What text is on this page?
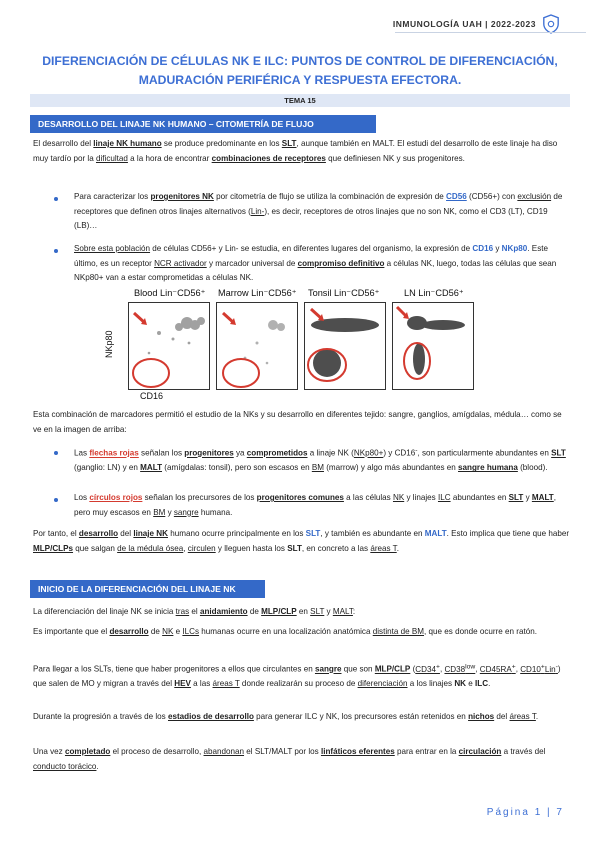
INMUNOLOGÍA UAH | 2022-2023
DIFERENCIACIÓN DE CÉLULAS NK E ILC: PUNTOS DE CONTROL DE DIFERENCIACIÓN,
MADURACIÓN PERIFÉRICA Y RESPUESTA EFECTORA.
TEMA 15
DESARROLLO DEL LINAJE NK HUMANO – CITOMETRÍA DE FLUJO
El desarrollo del linaje NK humano se produce predominante en los SLT, aunque también en MALT. El estudi del desarrollo de este linaje ha diso muy tardío por la dificultad a la hora de encontrar combinaciones de receptores que definiesen NK y sus progenitores.
Para caracterizar los progenitores NK por citometría de flujo se utiliza la combinación de expresión de CD56 (CD56+) con exclusión de receptores que definen otros linajes alternativos (Lin-), es decir, receptores de otros linajes que no son NK, como el CD3 (LT), CD19 (LB)…
Sobre esta población de células CD56+ y Lin- se estudia, en diferentes lugares del organismo, la expresión de CD16 y NKp80. Este último, es un receptor NCR activador y marcador universal de compromiso definitivo a células NK, luego, todas las células que sean NKp80+ van a estar comprometidas a células NK.
NKp80
CD16
Blood Lin⁻CD56⁺ Marrow Lin⁻CD56⁺ Tonsil Lin⁻CD56⁺	LN Lin⁻CD56⁺
Esta combinación de marcadores permitió el estudio de la NKs y su desarrollo en diferentes tejido: sangre, ganglios, amígdalas, médula… como se ve en la imagen de arriba:
Las flechas rojas señalan los progenitores ya comprometidos a linaje NK (NKp80+) y CD16-, son particularmente abundantes en SLT (ganglio: LN) y en MALT (amígdalas: tonsil), pero son escasos en BM (marrow) y algo más abundantes en sangre humana (blood).
Los círculos rojos señalan los precursores de los progenitores comunes a las células NK y linajes ILC abundantes en SLT y MALT, pero muy escasos en BM y sangre humana.
Por tanto, el desarrollo del linaje NK humano ocurre principalmente en los SLT, y también es abundante en MALT. Esto implica que tiene que haber MLP/CLPs que salgan de la médula ósea, circulen y lleguen hasta los SLT, en concreto a las áreas T.
INICIO DE LA DIFERENCIACIÓN DEL LINAJE NK
La diferenciación del linaje NK se inicia tras el anidamiento de MLP/CLP en SLT y MALT:
Es importante que el desarrollo de NK e ILCs humanas ocurre en una localización anatómica distinta de BM, que es donde ocurre en ratón.
Para llegar a los SLTs, tiene que haber progenitores a ellos que circulantes en sangre que son MLP/CLP (CD34+, $CD38^{low}$, CD45RA+, CD10+Lin-) que salen de MO y migran a través del HEV a las áreas T donde realizarán su proceso de diferenciación a los linajes NK e ILC.
Durante la progresión a través de los estadios de desarrollo para generar ILC y NK, los precursores están retenidos en nichos del áreas T.
Una vez completado el proceso de desarrollo, abandonan el SLT/MALT por los linfáticos eferentes para entrar en la circulación a través del conducto torácico.
Página 1 | 7
